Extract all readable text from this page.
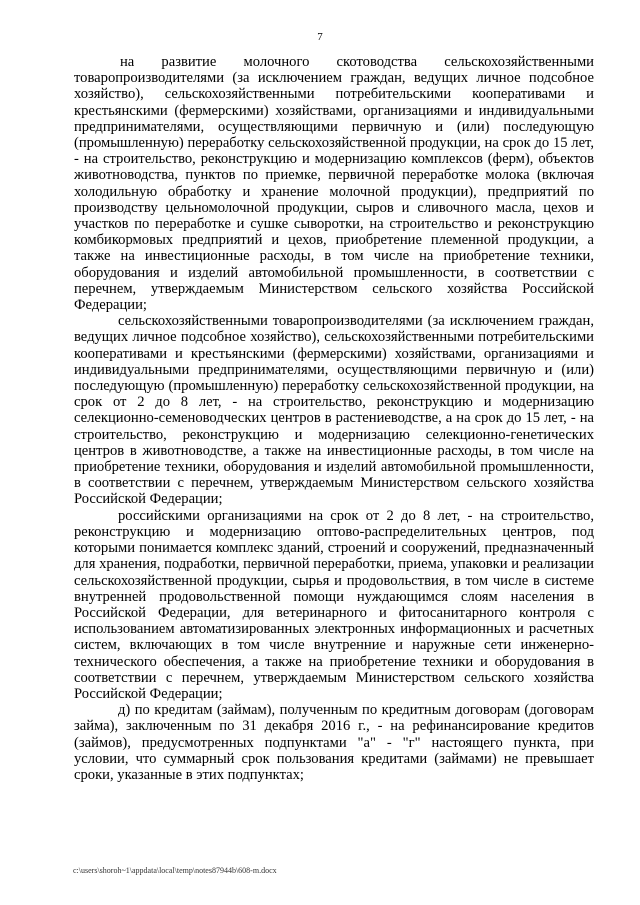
7

на развитие молочного скотоводства сельскохозяйственными товаропроизводителями (за исключением граждан, ведущих личное подсобное хозяйство), сельскохозяйственными потребительскими кооперативами и крестьянскими (фермерскими) хозяйствами, организациями и индивидуальными предпринимателями, осуществляющими первичную и (или) последующую (промышленную) переработку сельскохозяйственной продукции, на срок до 15 лет, - на строительство, реконструкцию и модернизацию комплексов (ферм), объектов животноводства, пунктов по приемке, первичной переработке молока (включая холодильную обработку и хранение молочной продукции), предприятий по производству цельномолочной продукции, сыров и сливочного масла, цехов и участков по переработке и сушке сыворотки, на строительство и реконструкцию комбикормовых предприятий и цехов, приобретение племенной продукции, а также на инвестиционные расходы, в том числе на приобретение техники, оборудования и изделий автомобильной промышленности, в соответствии с перечнем, утверждаемым Министерством сельского хозяйства Российской Федерации;

сельскохозяйственными товаропроизводителями (за исключением граждан, ведущих личное подсобное хозяйство), сельскохозяйственными потребительскими кооперативами и крестьянскими (фермерскими) хозяйствами, организациями и индивидуальными предпринимателями, осуществляющими первичную и (или) последующую (промышленную) переработку сельскохозяйственной продукции, на срок от 2 до 8 лет, - на строительство, реконструкцию и модернизацию селекционно-семеноводческих центров в растениеводстве, а на срок до 15 лет, - на строительство, реконструкцию и модернизацию селекционно-генетических центров в животноводстве, а также на инвестиционные расходы, в том числе на приобретение техники, оборудования и изделий автомобильной промышленности, в соответствии с перечнем, утверждаемым Министерством сельского хозяйства Российской Федерации;

российскими организациями на срок от 2 до 8 лет, - на строительство, реконструкцию и модернизацию оптово-распределительных центров, под которыми понимается комплекс зданий, строений и сооружений, предназначенный для хранения, подработки, первичной переработки, приема, упаковки и реализации сельскохозяйственной продукции, сырья и продовольствия, в том числе в системе внутренней продовольственной помощи нуждающимся слоям населения в Российской Федерации, для ветеринарного и фитосанитарного контроля с использованием автоматизированных электронных информационных и расчетных систем, включающих в том числе внутренние и наружные сети инженерно-технического обеспечения, а также на приобретение техники и оборудования в соответствии с перечнем, утверждаемым Министерством сельского хозяйства Российской Федерации;

д) по кредитам (займам), полученным по кредитным договорам (договорам займа), заключенным по 31 декабря 2016 г., - на рефинансирование кредитов (займов), предусмотренных подпунктами "а" - "г" настоящего пункта, при условии, что суммарный срок пользования кредитами (займами) не превышает сроки, указанные в этих подпунктах;

c:\users\shoroh~1\appdata\local\temp\notes87944b\608-m.docx
